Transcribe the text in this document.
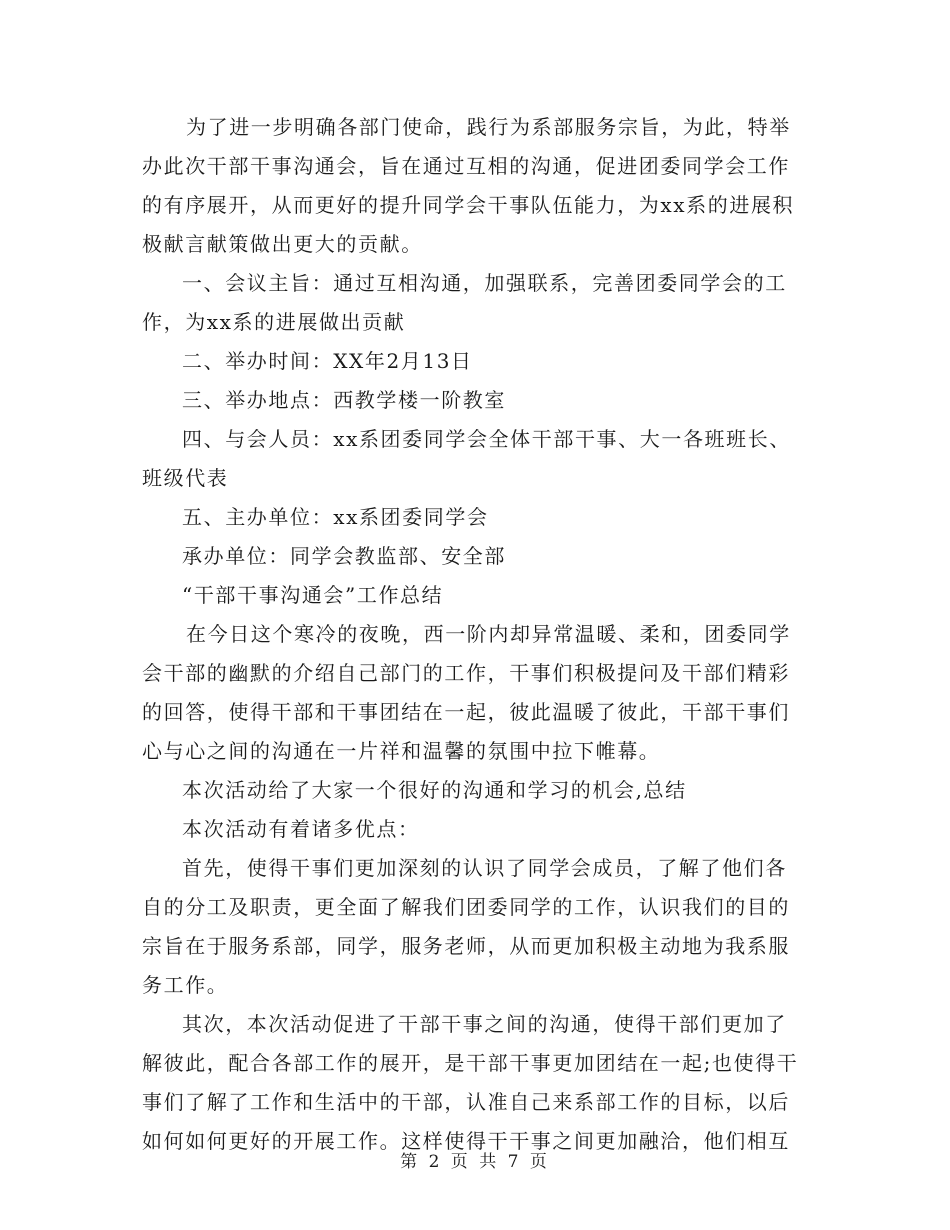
为了进一步明确各部门使命，践行为系部服务宗旨，为此，特举

办此次干部干事沟通会，旨在通过互相的沟通，促进团委同学会工作

的有序展开，从而更好的提升同学会干事队伍能力，为xx系的进展积

极献言献策做出更大的贡献。

一、会议主旨：通过互相沟通，加强联系，完善团委同学会的工

作，为xx系的进展做出贡献

二、举办时间：XX年2月13日

三、举办地点：西教学楼一阶教室

四、与会人员：xx系团委同学会全体干部干事、大一各班班长、

班级代表

五、主办单位：xx系团委同学会

承办单位：同学会教监部、安全部

“干部干事沟通会”工作总结

在今日这个寒冷的夜晚，西一阶内却异常温暖、柔和，团委同学

会干部的幽默的介绍自己部门的工作，干事们积极提问及干部们精彩

的回答，使得干部和干事团结在一起，彼此温暖了彼此，干部干事们

心与心之间的沟通在一片祥和温馨的氛围中拉下帷幕。

本次活动给了大家一个很好的沟通和学习的机会,总结

本次活动有着诸多优点：

首先，使得干事们更加深刻的认识了同学会成员，了解了他们各

自的分工及职责，更全面了解我们团委同学的工作，认识我们的目的

宗旨在于服务系部，同学，服务老师，从而更加积极主动地为我系服

务工作。

其次，本次活动促进了干部干事之间的沟通，使得干部们更加了

解彼此，配合各部工作的展开，是干部干事更加团结在一起;也使得干

事们了解了工作和生活中的干部，认准自己来系部工作的目标，以后

如何如何更好的开展工作。这样使得干干事之间更加融洽，他们相互

第 2 页 共 7 页
